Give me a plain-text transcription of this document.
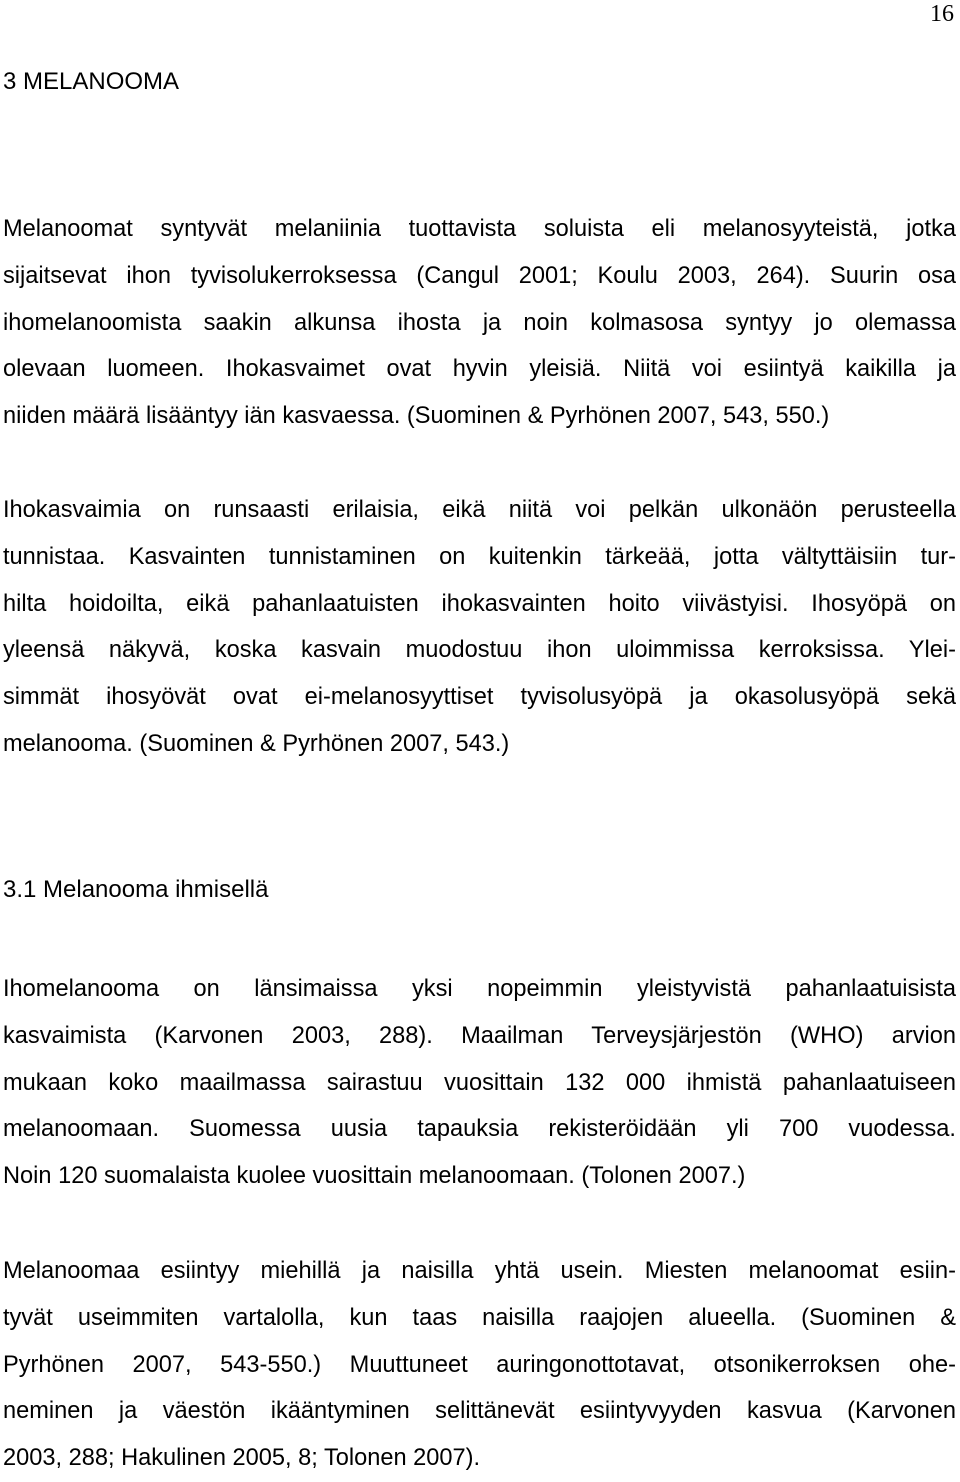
16
3 MELANOOMA

Melanoomat syntyvät melaniinia tuottavista soluista eli melanosyyteistä, jotka
sijaitsevat ihon tyvisolukerroksessa (Cangul 2001; Koulu 2003, 264). Suurin osa
ihomelanoomista saakin alkunsa ihosta ja noin kolmasosa syntyy jo olemassa
olevaan luomeen. Ihokasvaimet ovat hyvin yleisiä. Niitä voi esiintyä kaikilla ja
niiden määrä lisääntyy iän kasvaessa. (Suominen & Pyrhönen 2007, 543, 550.)

Ihokasvaimia on runsaasti erilaisia, eikä niitä voi pelkän ulkonäön perusteella
tunnistaa. Kasvainten tunnistaminen on kuitenkin tärkeää, jotta vältyttäisiin tur-
hilta hoidoilta, eikä pahanlaatuisten ihokasvainten hoito viivästyisi. Ihosyöpä on
yleensä näkyvä, koska kasvain muodostuu ihon uloimmissa kerroksissa. Ylei-
simmät ihosyövät ovat ei-melanosyyttiset tyvisolusyöpä ja okasolusyöpä sekä
melanooma. (Suominen & Pyrhönen 2007, 543.)

3.1 Melanooma ihmisellä

Ihomelanooma on länsimaissa yksi nopeimmin yleistyvistä pahanlaatuisista
kasvaimista (Karvonen 2003, 288). Maailman Terveysjärjestön (WHO) arvion
mukaan koko maailmassa sairastuu vuosittain 132 000 ihmistä pahanlaatuiseen
melanoomaan. Suomessa uusia tapauksia rekisteröidään yli 700 vuodessa.
Noin 120 suomalaista kuolee vuosittain melanoomaan. (Tolonen 2007.)

Melanoomaa esiintyy miehillä ja naisilla yhtä usein. Miesten melanoomat esiin-
tyvät useimmiten vartalolla, kun taas naisilla raajojen alueella. (Suominen &
Pyrhönen 2007, 543-550.) Muuttuneet auringonottotavat, otsonikerroksen ohe-
neminen ja väestön ikääntyminen selittänevät esiintyvyyden kasvua (Karvonen
2003, 288; Hakulinen 2005, 8; Tolonen 2007).
